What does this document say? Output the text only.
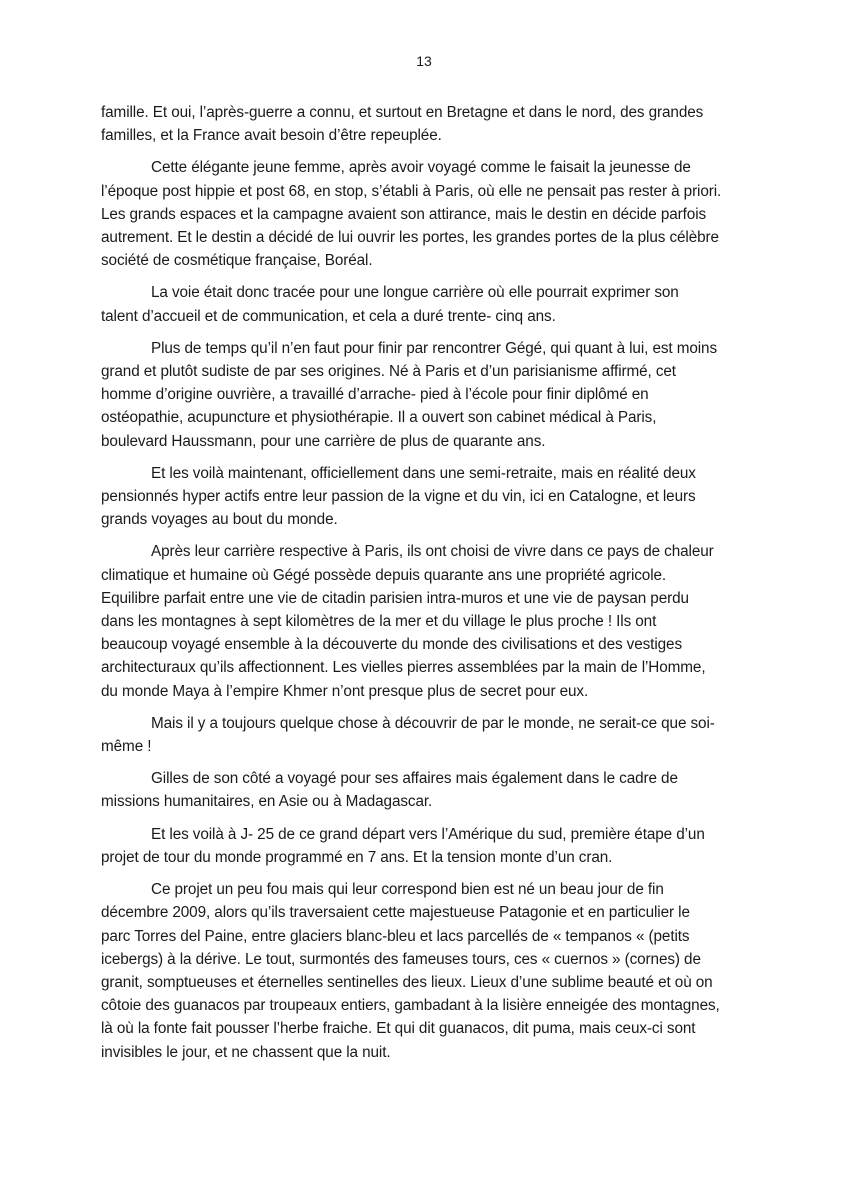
13

famille. Et oui, l’après-guerre a connu, et surtout en Bretagne et dans le nord, des grandes
familles, et la France avait besoin d’être repeuplée.

Cette élégante jeune femme, après avoir voyagé comme le faisait la jeunesse de
l’époque post hippie et post 68, en stop, s’établi à Paris, où elle ne pensait pas rester à priori.
Les grands espaces et la campagne avaient son attirance, mais le destin en décide parfois
autrement. Et le destin a décidé de lui ouvrir les portes, les grandes portes de la plus célèbre
société de cosmétique française, Boréal.

La voie était donc tracée pour une longue carrière où elle pourrait exprimer son
talent d’accueil et de communication, et cela a duré trente- cinq ans.

Plus de temps qu’il n’en faut pour finir par rencontrer Gégé, qui quant à lui, est moins
grand et plutôt sudiste de par ses origines. Né à Paris et d’un parisianisme affirmé, cet
homme d’origine ouvrière, a travaillé d’arrache- pied à l’école pour finir diplômé en
ostéopathie, acupuncture et physiothérapie. Il a ouvert son cabinet médical à Paris,
boulevard Haussmann, pour une carrière de plus de quarante ans.

Et les voilà maintenant, officiellement dans une semi-retraite, mais en réalité deux
pensionnés hyper actifs entre leur passion de la vigne et du vin, ici en Catalogne, et leurs
grands voyages au bout du monde.

Après leur carrière respective à Paris, ils ont choisi de vivre dans ce pays de chaleur
climatique et humaine où Gégé possède depuis quarante ans une propriété agricole.
Equilibre parfait entre une vie de citadin parisien intra-muros et une vie de paysan perdu
dans les montagnes à sept kilomètres de la mer et du village le plus proche ! Ils ont
beaucoup voyagé ensemble à la découverte du monde des civilisations et des vestiges
architecturaux qu’ils affectionnent. Les vielles pierres assemblées par la main de l’Homme,
du monde Maya à l’empire Khmer n’ont presque plus de secret pour eux.

Mais il y a toujours quelque chose à découvrir de par le monde, ne serait-ce que soi-
même !

Gilles de son côté a voyagé pour ses affaires mais également dans le cadre de
missions humanitaires, en Asie ou à Madagascar.

Et les voilà à J- 25 de ce grand départ vers l’Amérique du sud, première étape d’un
projet de tour du monde programmé en 7 ans. Et la tension monte d’un cran.

Ce projet un peu fou mais qui leur correspond bien est né un beau jour de fin
décembre 2009, alors qu’ils traversaient cette majestueuse Patagonie et en particulier le
parc Torres del Paine, entre glaciers blanc-bleu et lacs parcellés de « tempanos « (petits
icebergs) à la dérive. Le tout, surmontés des fameuses tours, ces « cuernos » (cornes) de
granit, somptueuses et éternelles sentinelles des lieux. Lieux d’une sublime beauté et où on
côtoie des guanacos par troupeaux entiers, gambadant à la lisière enneigée des montagnes,
là où la fonte fait pousser l’herbe fraiche. Et qui dit guanacos, dit puma, mais ceux-ci sont
invisibles le jour, et ne chassent que la nuit.
